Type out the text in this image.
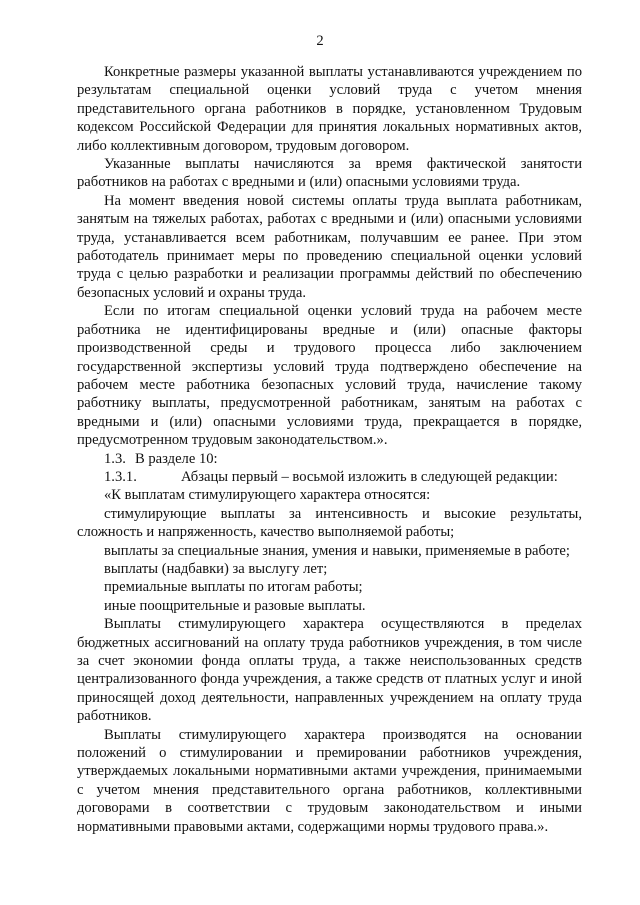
2

Конкретные размеры указанной выплаты устанавливаются учреждением по результатам специальной оценки условий труда с учетом мнения представительного органа работников в порядке, установленном Трудовым кодексом Российской Федерации для принятия локальных нормативных актов, либо коллективным договором, трудовым договором.

Указанные выплаты начисляются за время фактической занятости работников на работах с вредными и (или) опасными условиями труда.

На момент введения новой системы оплаты труда выплата работникам, занятым на тяжелых работах, работах с вредными и (или) опасными условиями труда, устанавливается всем работникам, получавшим ее ранее. При этом работодатель принимает меры по проведению специальной оценки условий труда с целью разработки и реализации программы действий по обеспечению безопасных условий и охраны труда.

Если по итогам специальной оценки условий труда на рабочем месте работника не идентифицированы вредные и (или) опасные факторы производственной среды и трудового процесса либо заключением государственной экспертизы условий труда подтверждено обеспечение на рабочем месте работника безопасных условий труда, начисление такому работнику выплаты, предусмотренной работникам, занятым на работах с вредными и (или) опасными условиями труда, прекращается в порядке, предусмотренном трудовым законодательством.».

1.3. В разделе 10:
1.3.1.	Абзацы первый – восьмой изложить в следующей редакции:

«К выплатам стимулирующего характера относятся:

стимулирующие выплаты за интенсивность и высокие результаты, сложность и напряженность, качество выполняемой работы;

выплаты за специальные знания, умения и навыки, применяемые в работе;

выплаты (надбавки) за выслугу лет;

премиальные выплаты по итогам работы;

иные поощрительные и разовые выплаты.

Выплаты стимулирующего характера осуществляются в пределах бюджетных ассигнований на оплату труда работников учреждения, в том числе за счет экономии фонда оплаты труда, а также неиспользованных средств централизованного фонда учреждения, а также средств от платных услуг и иной приносящей доход деятельности, направленных учреждением на оплату труда работников.

Выплаты стимулирующего характера производятся на основании положений о стимулировании и премировании работников учреждения, утверждаемых локальными нормативными актами учреждения, принимаемыми с учетом мнения представительного органа работников, коллективными договорами в соответствии с трудовым законодательством и иными нормативными правовыми актами, содержащими нормы трудового права.».
